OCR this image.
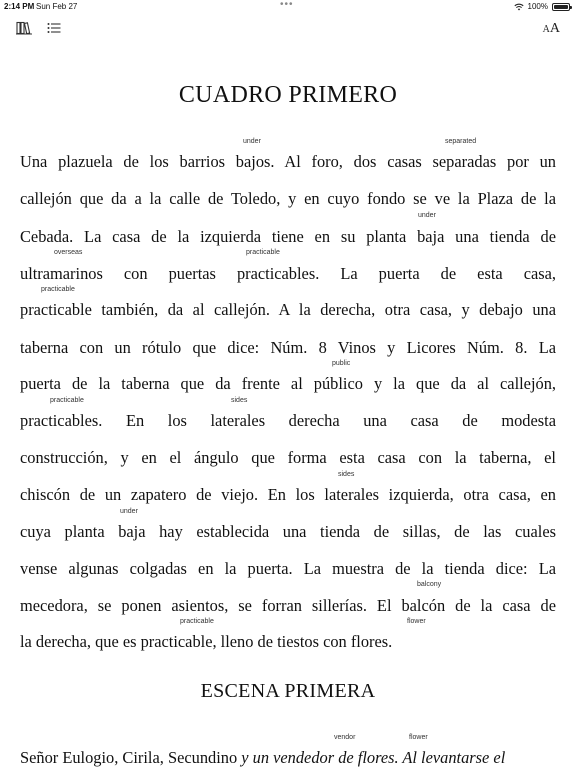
2:14 PM Sun Feb 27	•••	100%
AA
CUADRO PRIMERO
Una plazuela de los barrios bajos. Al foro, dos casas separadas por un
callejón que da a la calle de Toledo, y en cuyo fondo se ve la Plaza de la
Cebada. La casa de la izquierda tiene en su planta baja una tienda de
ultramarinos con puertas practicables. La puerta de esta casa,
practicable también, da al callejón. A la derecha, otra casa, y debajo una
taberna con un rótulo que dice: Núm. 8 Vinos y Licores Núm. 8. La
puerta de la taberna que da frente al público y la que da al callejón,
practicables. En los laterales derecha una casa de modesta
construcción, y en el ángulo que forma esta casa con la taberna, el
chiscón de un zapatero de viejo. En los laterales izquierda, otra casa, en
cuya planta baja hay establecida una tienda de sillas, de las cuales
vense algunas colgadas en la puerta. La muestra de la tienda dice: La
mecedora, se ponen asientos, se forran sillerías. El balcón de la casa de
la derecha, que es practicable, lleno de tiestos con flores.
ESCENA PRIMERA
Señor Eulogio, Cirila, Secundino y un vendedor de flores. Al levantarse el
under	separated
under
overseas	practicable
practicable
public
practicable	sides
sides
under
balcony
practicable	flower
vendor	flower
